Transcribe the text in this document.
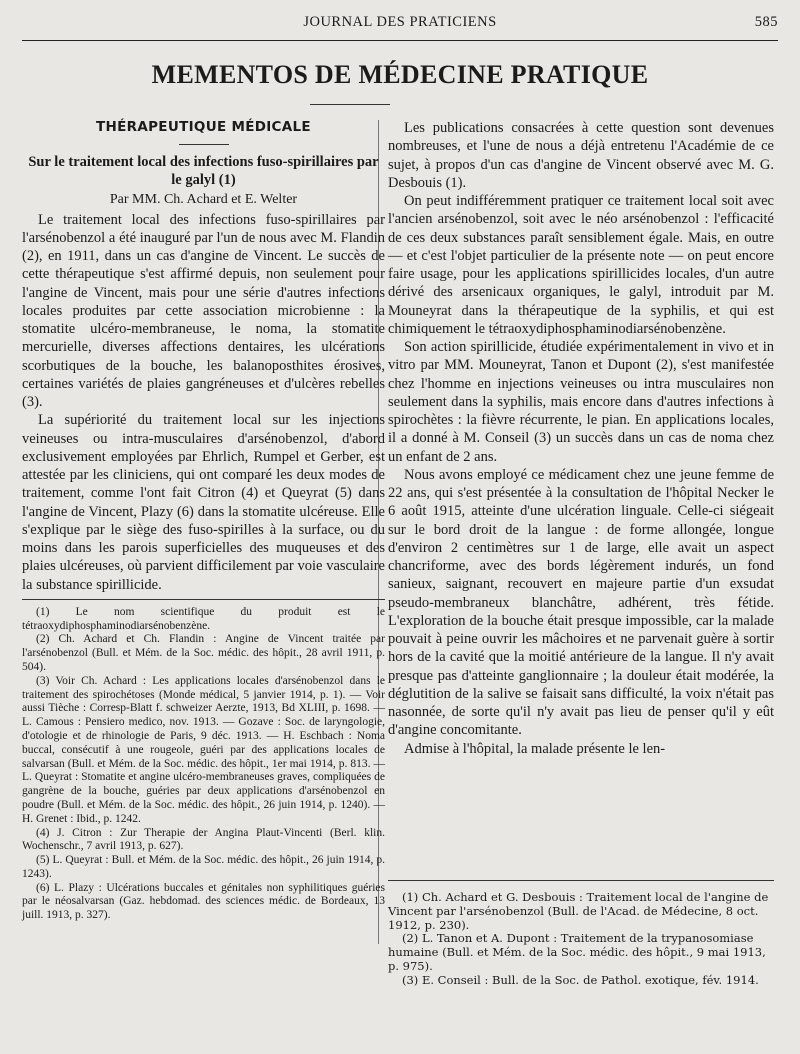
JOURNAL DES PRATICIENS	585
MEMENTOS DE MÉDECINE PRATIQUE
THÉRAPEUTIQUE MÉDICALE
Sur le traitement local des infections fuso-spirillaires par le galyl (1)
Par MM. Ch. Achard et E. Welter

Le traitement local des infections fuso-spirillaires par l'arsénobenzol a été inauguré par l'un de nous avec M. Flandin (2), en 1911, dans un cas d'angine de Vincent. Le succès de cette thérapeutique s'est affirmé depuis, non seulement pour l'angine de Vincent, mais pour une série d'autres infections locales produites par cette association microbienne : la stomatite ulcéro-membraneuse, le noma, la stomatite mercurielle, diverses affections dentaires, les ulcérations scorbutiques de la bouche, les balanoposthites érosives, certaines variétés de plaies gangréneuses et d'ulcères rebelles (3).

La supériorité du traitement local sur les injections veineuses ou intra-musculaires d'arsénobenzol, d'abord exclusivement employées par Ehrlich, Rumpel et Gerber, est attestée par les cliniciens, qui ont comparé les deux modes de traitement, comme l'ont fait Citron (4) et Queyrat (5) dans l'angine de Vincent, Plazy (6) dans la stomatite ulcéreuse. Elle s'explique par le siège des fuso-spirilles à la surface, ou du moins dans les parois superficielles des muqueuses et des plaies ulcéreuses, où parvient difficilement par voie vasculaire la substance spirillicide.

(1) Le nom scientifique du produit est le tétraoxydiphosphaminodiarsénobenzène.

(2) Ch. Achard et Ch. Flandin : Angine de Vincent traitée par l'arsénobenzol (Bull. et Mém. de la Soc. médic. des hôpit., 28 avril 1911, p. 504).

(3) Voir Ch. Achard : Les applications locales d'arsénobenzol dans le traitement des spirochétoses (Monde médical, 5 janvier 1914, p. 1). — Voir aussi Tièche : Corresp-Blatt f. schweizer Aerzte, 1913, Bd XLIII, p. 1698. — L. Camous : Pensiero medico, nov. 1913. — Gozave : Soc. de laryngologie, d'otologie et de rhinologie de Paris, 9 déc. 1913. — H. Eschbach : Noma buccal, consécutif à une rougeole, guéri par des applications locales de salvarsan (Bull. et Mém. de la Soc. médic. des hôpit., 1er mai 1914, p. 813. — L. Queyrat : Stomatite et angine ulcéro-membraneuses graves, compliquées de gangrène de la bouche, guéries par deux applications d'arsénobenzol en poudre (Bull. et Mém. de la Soc. médic. des hôpit., 26 juin 1914, p. 1240). — H. Grenet : Ibid., p. 1242.

(4) J. Citron : Zur Therapie der Angina Plaut-Vincenti (Berl. klin. Wochenschr., 7 avril 1913, p. 627).

(5) L. Queyrat : Bull. et Mém. de la Soc. médic. des hôpit., 26 juin 1914, p. 1243).

(6) L. Plazy : Ulcérations buccales et génitales non syphilitiques guéries par le néosalvarsan (Gaz. hebdomad. des sciences médic. de Bordeaux, 13 juill. 1913, p. 327).

Les publications consacrées à cette question sont devenues nombreuses, et l'une de nous a déjà entretenu l'Académie de ce sujet, à propos d'un cas d'angine de Vincent observé avec M. G. Desbouis (1).

On peut indifféremment pratiquer ce traitement local soit avec l'ancien arsénobenzol, soit avec le néo arsénobenzol : l'efficacité de ces deux substances paraît sensiblement égale. Mais, en outre — et c'est l'objet particulier de la présente note — on peut encore faire usage, pour les applications spirillicides locales, d'un autre dérivé des arsenicaux organiques, le galyl, introduit par M. Mouneyrat dans la thérapeutique de la syphilis, et qui est chimiquement le tétraoxydiphosphaminodiarsénobenzène.

Son action spirillicide, étudiée expérimentalement in vivo et in vitro par MM. Mouneyrat, Tanon et Dupont (2), s'est manifestée chez l'homme en injections veineuses ou intra musculaires non seulement dans la syphilis, mais encore dans d'autres infections à spirochètes : la fièvre récurrente, le pian. En applications locales, il a donné à M. Conseil (3) un succès dans un cas de noma chez un enfant de 2 ans.

Nous avons employé ce médicament chez une jeune femme de 22 ans, qui s'est présentée à la consultation de l'hôpital Necker le 6 août 1915, atteinte d'une ulcération linguale. Celle-ci siégeait sur le bord droit de la langue : de forme allongée, longue d'environ 2 centimètres sur 1 de large, elle avait un aspect chancriforme, avec des bords légèrement indurés, un fond sanieux, saignant, recouvert en majeure partie d'un exsudat pseudo-membraneux blanchâtre, adhérent, très fétide. L'exploration de la bouche était presque impossible, car la malade pouvait à peine ouvrir les mâchoires et ne parvenait guère à sortir hors de la cavité que la moitié antérieure de la langue. Il n'y avait presque pas d'atteinte ganglionnaire ; la douleur était modérée, la déglutition de la salive se faisait sans difficulté, la voix n'était pas nasonnée, de sorte qu'il n'y avait pas lieu de penser qu'il y eût d'angine concomitante.

Admise à l'hôpital, la malade présente le len-

(1) Ch. Achard et G. Desbouis : Traitement local de l'angine de Vincent par l'arsénobenzol (Bull. de l'Acad. de Médecine, 8 oct. 1912, p. 230).

(2) L. Tanon et A. Dupont : Traitement de la trypanosomiase humaine (Bull. et Mém. de la Soc. médic. des hôpit., 9 mai 1913, p. 975).

(3) E. Conseil : Bull. de la Soc. de Pathol. exotique, fév. 1914.
